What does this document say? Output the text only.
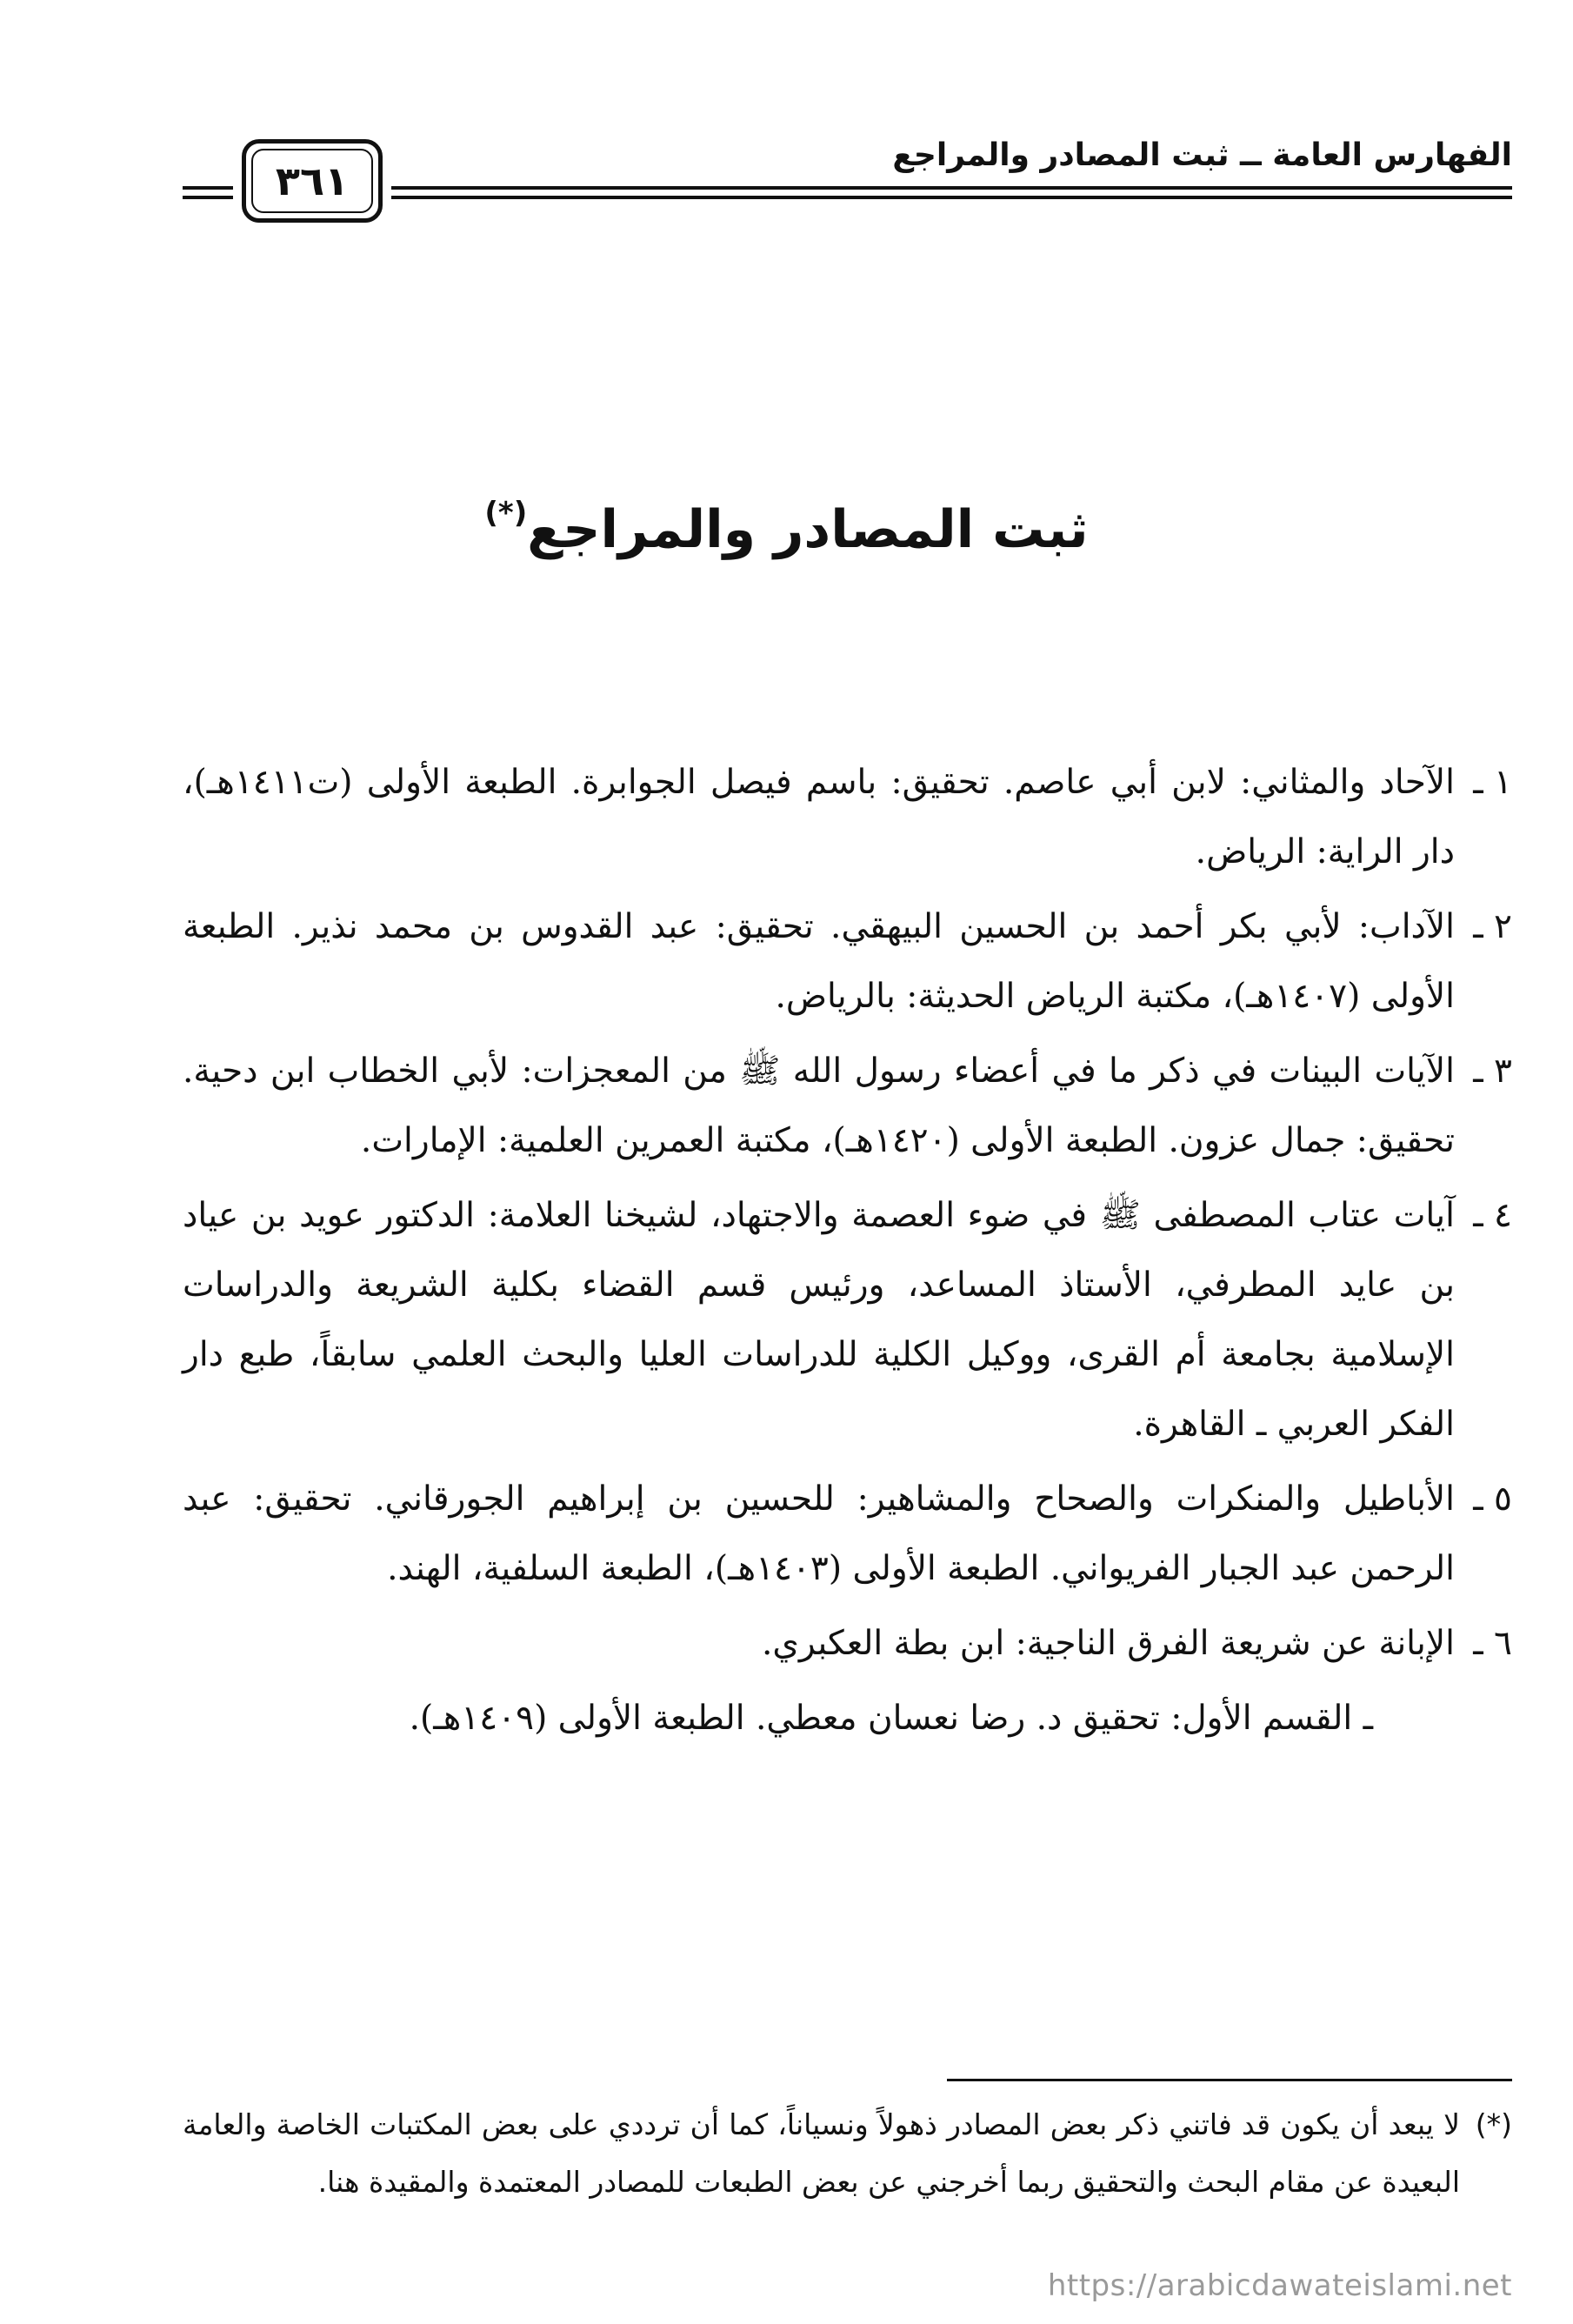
الفهارس العامة ــ ثبت المصادر والمراجع
٣٦١
ثبت المصادر والمراجع(*)
١ ـالآحاد والمثاني: لابن أبي عاصم. تحقيق: باسم فيصل الجوابرة. الطبعة الأولى (ت١٤١١هـ)، دار الراية: الرياض.
٢ ـالآداب: لأبي بكر أحمد بن الحسين البيهقي. تحقيق: عبد القدوس بن محمد نذير. الطبعة الأولى (١٤٠٧هـ)، مكتبة الرياض الحديثة: بالرياض.
٣ ـالآيات البينات في ذكر ما في أعضاء رسول الله ﷺ من المعجزات: لأبي الخطاب ابن دحية. تحقيق: جمال عزون. الطبعة الأولى (١٤٢٠هـ)، مكتبة العمرين العلمية: الإمارات.
٤ ـآيات عتاب المصطفى ﷺ في ضوء العصمة والاجتهاد، لشيخنا العلامة: الدكتور عويد بن عياد بن عايد المطرفي، الأستاذ المساعد، ورئيس قسم القضاء بكلية الشريعة والدراسات الإسلامية بجامعة أم القرى، ووكيل الكلية للدراسات العليا والبحث العلمي سابقاً، طبع دار الفكر العربي ـ القاهرة.
٥ ـالأباطيل والمنكرات والصحاح والمشاهير: للحسين بن إبراهيم الجورقاني. تحقيق: عبد الرحمن عبد الجبار الفريواني. الطبعة الأولى (١٤٠٣هـ)، الطبعة السلفية، الهند.
٦ ـالإبانة عن شريعة الفرق الناجية: ابن بطة العكبري.
ـ القسم الأول: تحقيق د. رضا نعسان معطي. الطبعة الأولى (١٤٠٩هـ).
(*)لا يبعد أن يكون قد فاتني ذكر بعض المصادر ذهولاً ونسياناً، كما أن ترددي على بعض المكتبات الخاصة والعامة البعيدة عن مقام البحث والتحقيق ربما أخرجني عن بعض الطبعات للمصادر المعتمدة والمقيدة هنا.
https://arabicdawateislami.net
